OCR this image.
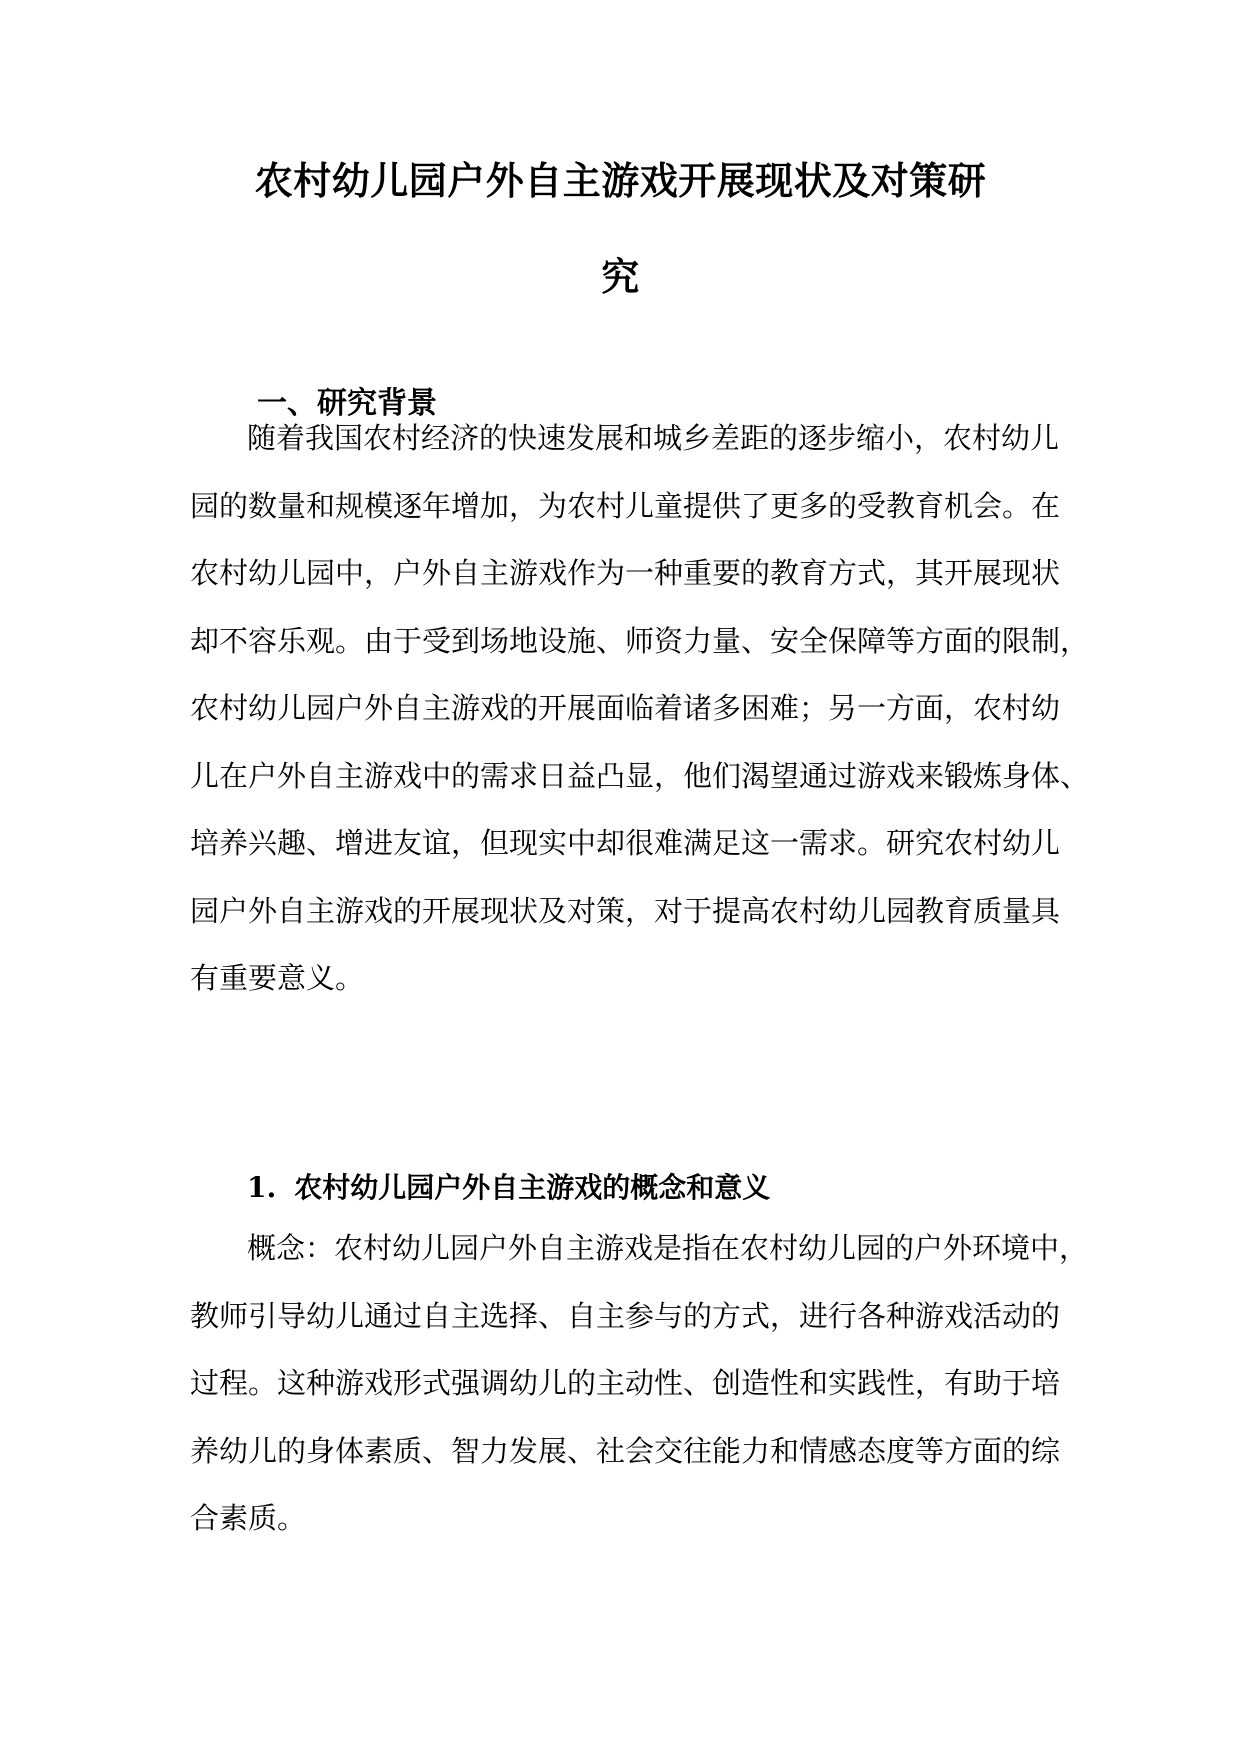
农村幼儿园户外自主游戏开展现状及对策研
究
一、研究背景
随着我国农村经济的快速发展和城乡差距的逐步缩小，农村幼儿
园的数量和规模逐年增加，为农村儿童提供了更多的受教育机会。在
农村幼儿园中，户外自主游戏作为一种重要的教育方式，其开展现状
却不容乐观。由于受到场地设施、师资力量、安全保障等方面的限制，
农村幼儿园户外自主游戏的开展面临着诸多困难；另一方面，农村幼
儿在户外自主游戏中的需求日益凸显，他们渴望通过游戏来锻炼身体、
培养兴趣、增进友谊，但现实中却很难满足这一需求。研究农村幼儿
园户外自主游戏的开展现状及对策，对于提高农村幼儿园教育质量具
有重要意义。
1. 农村幼儿园户外自主游戏的概念和意义
概念：农村幼儿园户外自主游戏是指在农村幼儿园的户外环境中，
教师引导幼儿通过自主选择、自主参与的方式，进行各种游戏活动的
过程。这种游戏形式强调幼儿的主动性、创造性和实践性，有助于培
养幼儿的身体素质、智力发展、社会交往能力和情感态度等方面的综
合素质。
